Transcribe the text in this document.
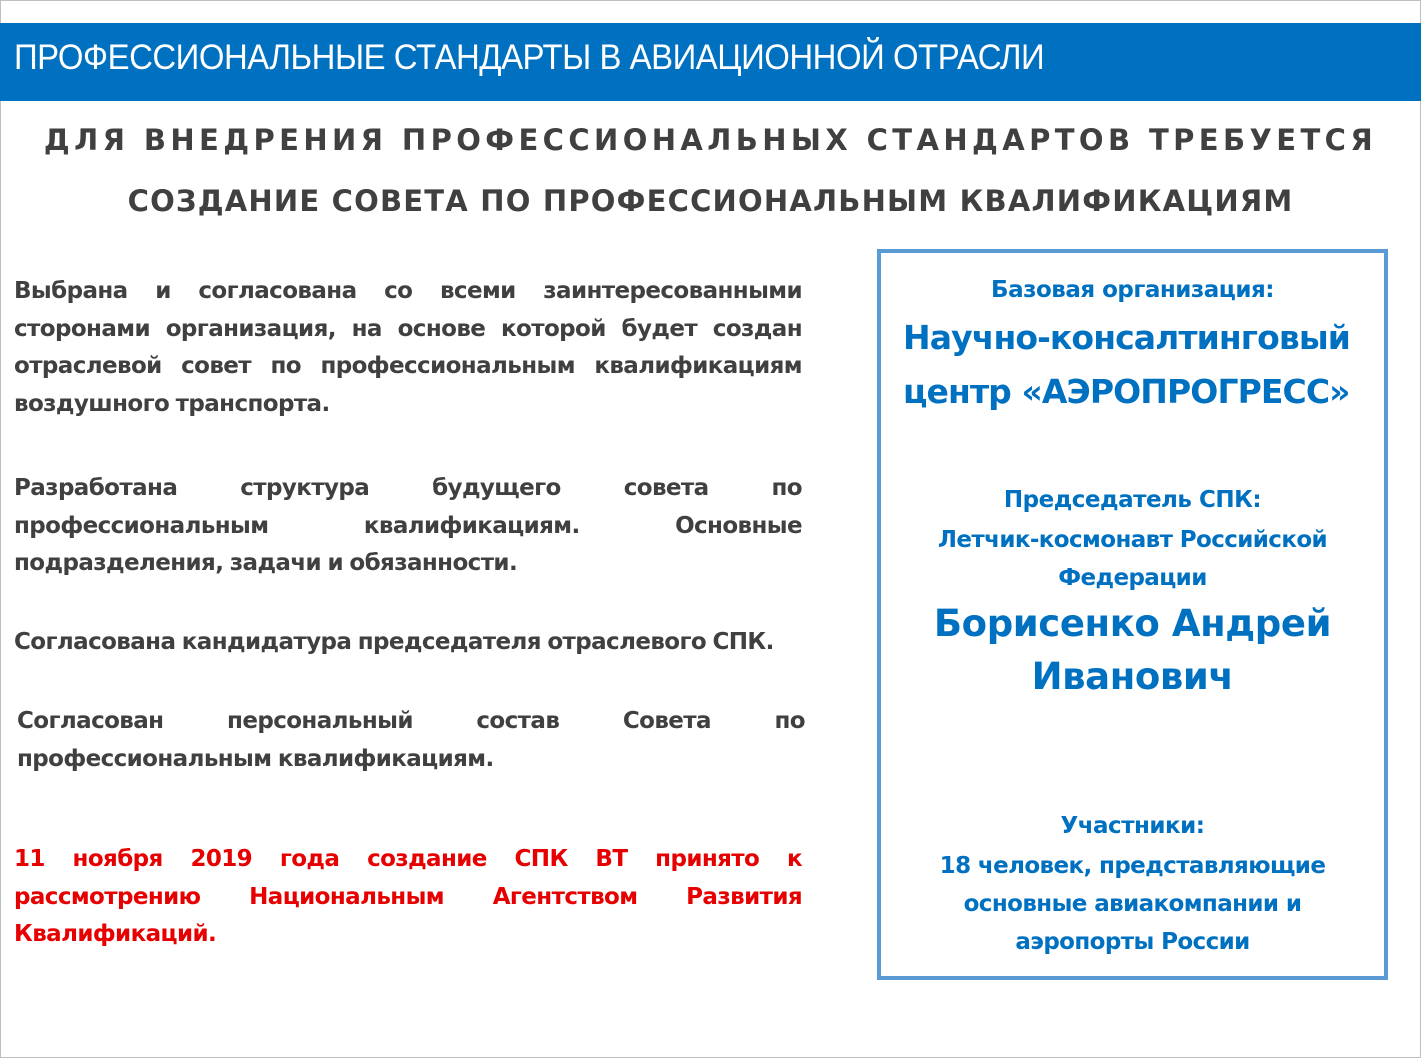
ПРОФЕССИОНАЛЬНЫЕ СТАНДАРТЫ В АВИАЦИОННОЙ ОТРАСЛИ
ДЛЯ ВНЕДРЕНИЯ ПРОФЕССИОНАЛЬНЫХ СТАНДАРТОВ ТРЕБУЕТСЯ
СОЗДАНИЕ СОВЕТА ПО ПРОФЕССИОНАЛЬНЫМ КВАЛИФИКАЦИЯМ

Выбрана и согласована со всеми заинтересованными сторонами организация, на основе которой будет создан отраслевой совет по профессиональным квалификациям воздушного транспорта.

Разработана структура будущего совета по профессиональным квалификациям. Основные подразделения, задачи и обязанности.

Согласована кандидатура председателя отраслевого СПК.

Согласован персональный состав Совета по профессиональным квалификациям.

11 ноября 2019 года создание СПК ВТ принято к рассмотрению Национальным Агентством Развития Квалификаций.

Базовая организация:
Научно-консалтинговый
центр «АЭРОПРОГРЕСС»
Председатель СПК:
Летчик-космонавт Российской
Федерации
Борисенко Андрей
Иванович
Участники:
18 человек, представляющие
основные авиакомпании и
аэропорты России
